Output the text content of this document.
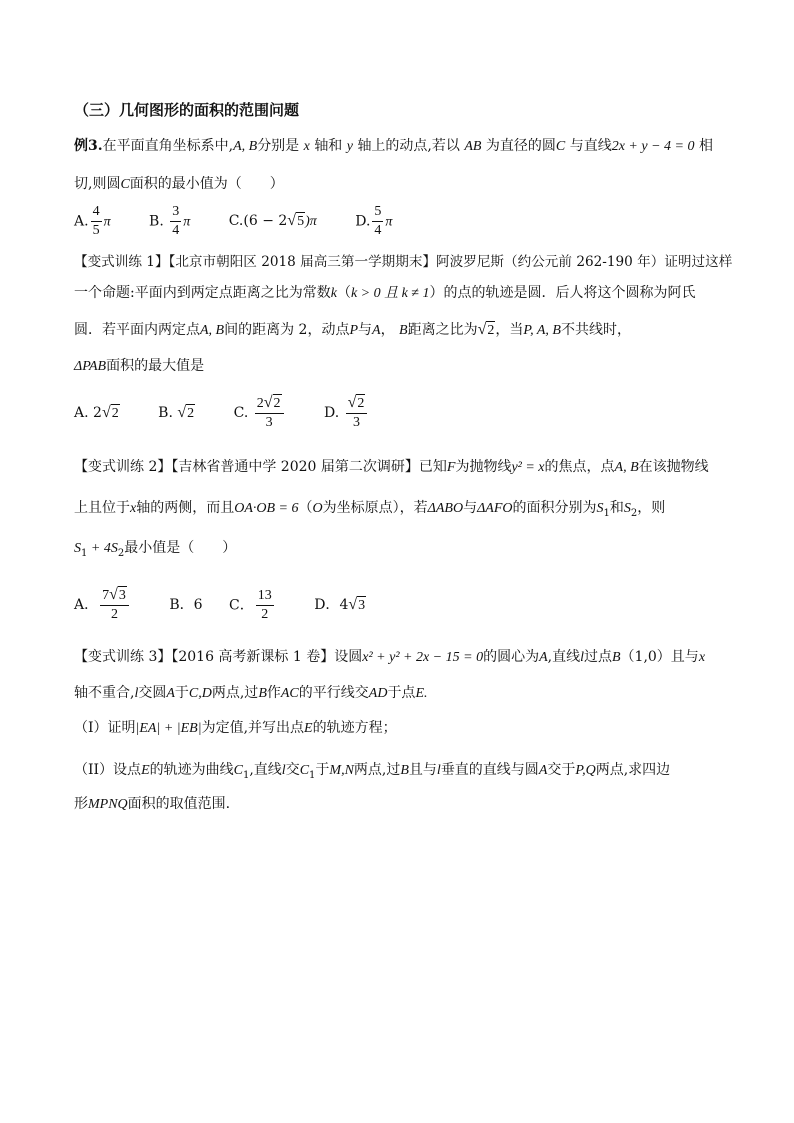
（三）几何图形的面积的范围问题
例3.在平面直角坐标系中,A, B分别是 x 轴和 y 轴上的动点,若以 AB 为直径的圆C 与直线2x + y − 4 = 0 相
切,则圆C面积的最小值为（　　）
A. $\frac{4}{5}$ π	B. $\frac{3}{4}$ π	C.(6 − 2 √ 5 )π	D. $\frac{5}{4}$ π
【变式训练 1】【北京市朝阳区 2018 届高三第一学期期末】阿波罗尼斯（约公元前 262-190 年）证明过这样
一个命题:平面内到两定点距离之比为常数k（k > 0 且 k ≠ 1）的点的轨迹是圆．后人将这个圆称为阿氏
圆．若平面内两定点A, B间的距离为 2，动点P与A， B距离之比为 √ 2 ，当P, A, B不共线时，
ΔPAB面积的最大值是
A. 2 √ 2	B. √ 2	C. $\frac{2 √ 2}{3}$	D. $\frac{√ 2}{3}$
【变式训练 2】【吉林省普通中学 2020 届第二次调研】已知F为抛物线y² = x的焦点，点A, B在该抛物线
上且位于x轴的两侧，而且OA·OB = 6（O为坐标原点），若ΔABO与ΔAFO的面积分别为$S_1$和$S_2$，则
$S_1 + 4S_2$最小值是（　　）
A． $\frac{7 √ 3}{2}$	B．6 C． $\frac{13}{2}$	D．4 √ 3
【变式训练 3】【2016 高考新课标 1 卷】设圆x² + y² + 2x − 15 = 0的圆心为A,直线l过点B（1,0）且与x
轴不重合,l交圆A于C,D两点,过B作AC的平行线交AD于点E.
（I）证明|EA| + |EB|为定值,并写出点E的轨迹方程；
（II）设点E的轨迹为曲线$C_1$,直线l交$C_1$于M,N两点,过B且与l垂直的直线与圆A交于P,Q两点,求四边
形MPNQ面积的取值范围.
